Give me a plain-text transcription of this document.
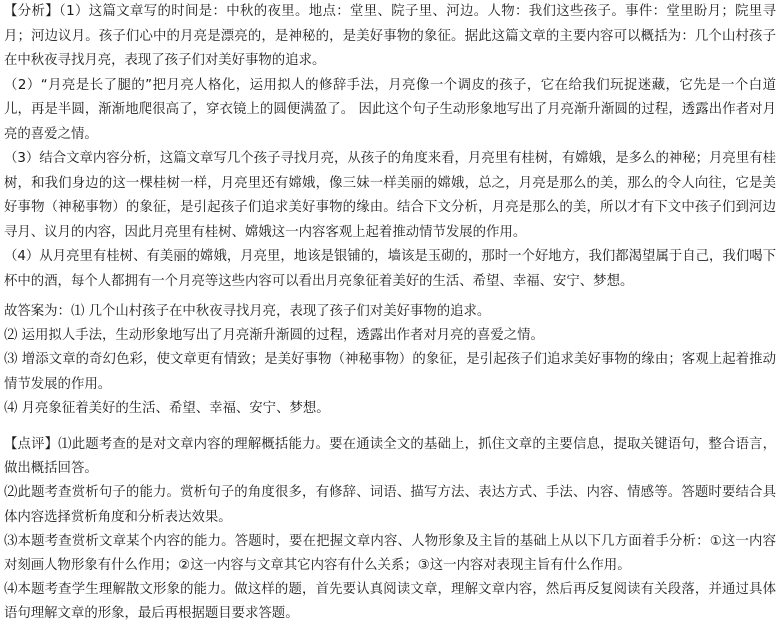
【分析】（1）这篇文章写的时间是：中秋的夜里。地点：堂里、院子里、河边。人物：我们这些孩子。事件：堂里盼月；院里寻月；河边议月。孩子们心中的月亮是漂亮的，是神秘的，是美好事物的象征。据此这篇文章的主要内容可以概括为：几个山村孩子在中秋夜寻找月亮，表现了孩子们对美好事物的追求。

（2）“月亮是长了腿的”把月亮人格化，运用拟人的修辞手法，月亮像一个调皮的孩子，它在给我们玩捉迷藏，它先是一个白道儿，再是半圆，渐渐地爬很高了，穿衣镜上的圆便满盈了。 因此这个句子生动形象地写出了月亮渐升渐圆的过程，透露出作者对月亮的喜爱之情。

（3）结合文章内容分析，这篇文章写几个孩子寻找月亮，从孩子的角度来看，月亮里有桂树，有嫦娥，是多么的神秘；月亮里有桂树，和我们身边的这一棵桂树一样，月亮里还有嫦娥，像三妹一样美丽的嫦娥，总之，月亮是那么的美，那么的令人向往，它是美好事物（神秘事物）的象征，是引起孩子们追求美好事物的缘由。结合下文分析，月亮是那么的美，所以才有下文中孩子们到河边寻月、议月的内容，因此月亮里有桂树、嫦娥这一内容客观上起着推动情节发展的作用。

（4）从月亮里有桂树、有美丽的嫦娥，月亮里，地该是银铺的，墙该是玉砌的，那时一个好地方，我们都渴望属于自己，我们喝下杯中的酒，每个人都拥有一个月亮等这些内容可以看出月亮象征着美好的生活、希望、幸福、安宁、梦想。

故答案为：⑴ 几个山村孩子在中秋夜寻找月亮，表现了孩子们对美好事物的追求。

⑵ 运用拟人手法，生动形象地写出了月亮渐升渐圆的过程，透露出作者对月亮的喜爱之情。

⑶ 增添文章的奇幻色彩，使文章更有情致；是美好事物（神秘事物）的象征，是引起孩子们追求美好事物的缘由；客观上起着推动情节发展的作用。

⑷ 月亮象征着美好的生活、希望、幸福、安宁、梦想。

【点评】⑴此题考查的是对文章内容的理解概括能力。要在通读全文的基础上，抓住文章的主要信息，提取关键语句，整合语言，做出概括回答。

⑵此题考查赏析句子的能力。赏析句子的角度很多，有修辞、词语、描写方法、表达方式、手法、内容、情感等。答题时要结合具体内容选择赏析角度和分析表达效果。

⑶本题考查赏析文章某个内容的能力。答题时，要在把握文章内容、人物形象及主旨的基础上从以下几方面着手分析：①这一内容对刻画人物形象有什么作用；②这一内容与文章其它内容有什么关系；③这一内容对表现主旨有什么作用。

⑷本题考查学生理解散文形象的能力。做这样的题，首先要认真阅读文章，理解文章内容，然后再反复阅读有关段落，并通过具体语句理解文章的形象，最后再根据题目要求答题。
